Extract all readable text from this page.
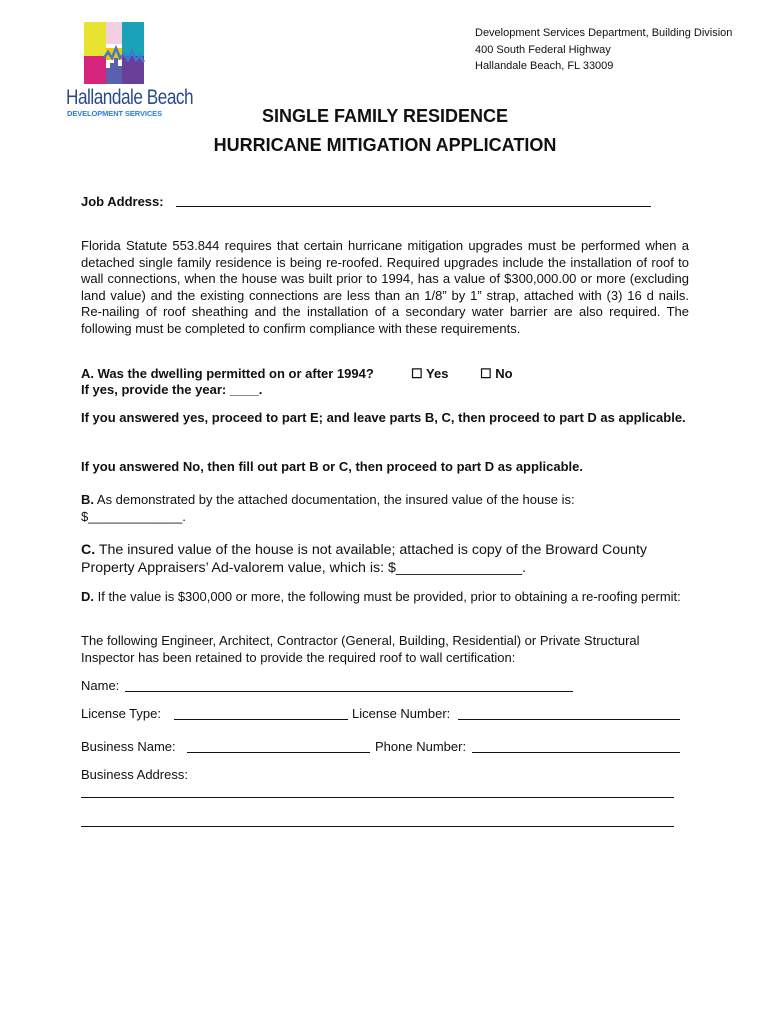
Hallandale Beach
DEVELOPMENT SERVICES
Development Services Department, Building Division
400 South Federal Highway
Hallandale Beach, FL 33009
SINGLE FAMILY RESIDENCE
HURRICANE MITIGATION APPLICATION
Job Address:
Florida Statute 553.844 requires that certain hurricane mitigation upgrades must be performed when a detached single family residence is being re-roofed. Required upgrades include the installation of roof to wall connections, when the house was built prior to 1994, has a value of $300,000.00 or more (excluding land value) and the existing connections are less than an 1/8” by 1” strap, attached with (3) 16 d nails. Re-nailing of roof sheathing and the installation of a secondary water barrier are also required. The following must be completed to confirm compliance with these requirements.
A. Was the dwelling permitted on or after 1994?	☐ Yes ☐ No
If yes, provide the year: ____.
If you answered yes, proceed to part E; and leave parts B, C, then proceed to part D as applicable.
If you answered No, then fill out part B or C, then proceed to part D as applicable.
B. As demonstrated by the attached documentation, the insured value of the house is:
$_____________.
C. The insured value of the house is not available; attached is copy of the Broward County Property Appraisers’ Ad-valorem value, which is: $________________.
D. If the value is $300,000 or more, the following must be provided, prior to obtaining a re-roofing permit:
The following Engineer, Architect, Contractor (General, Building, Residential) or Private Structural Inspector has been retained to provide the required roof to wall certification:
Name:
License Type:	License Number:
Business Name:	Phone Number:
Business Address:
